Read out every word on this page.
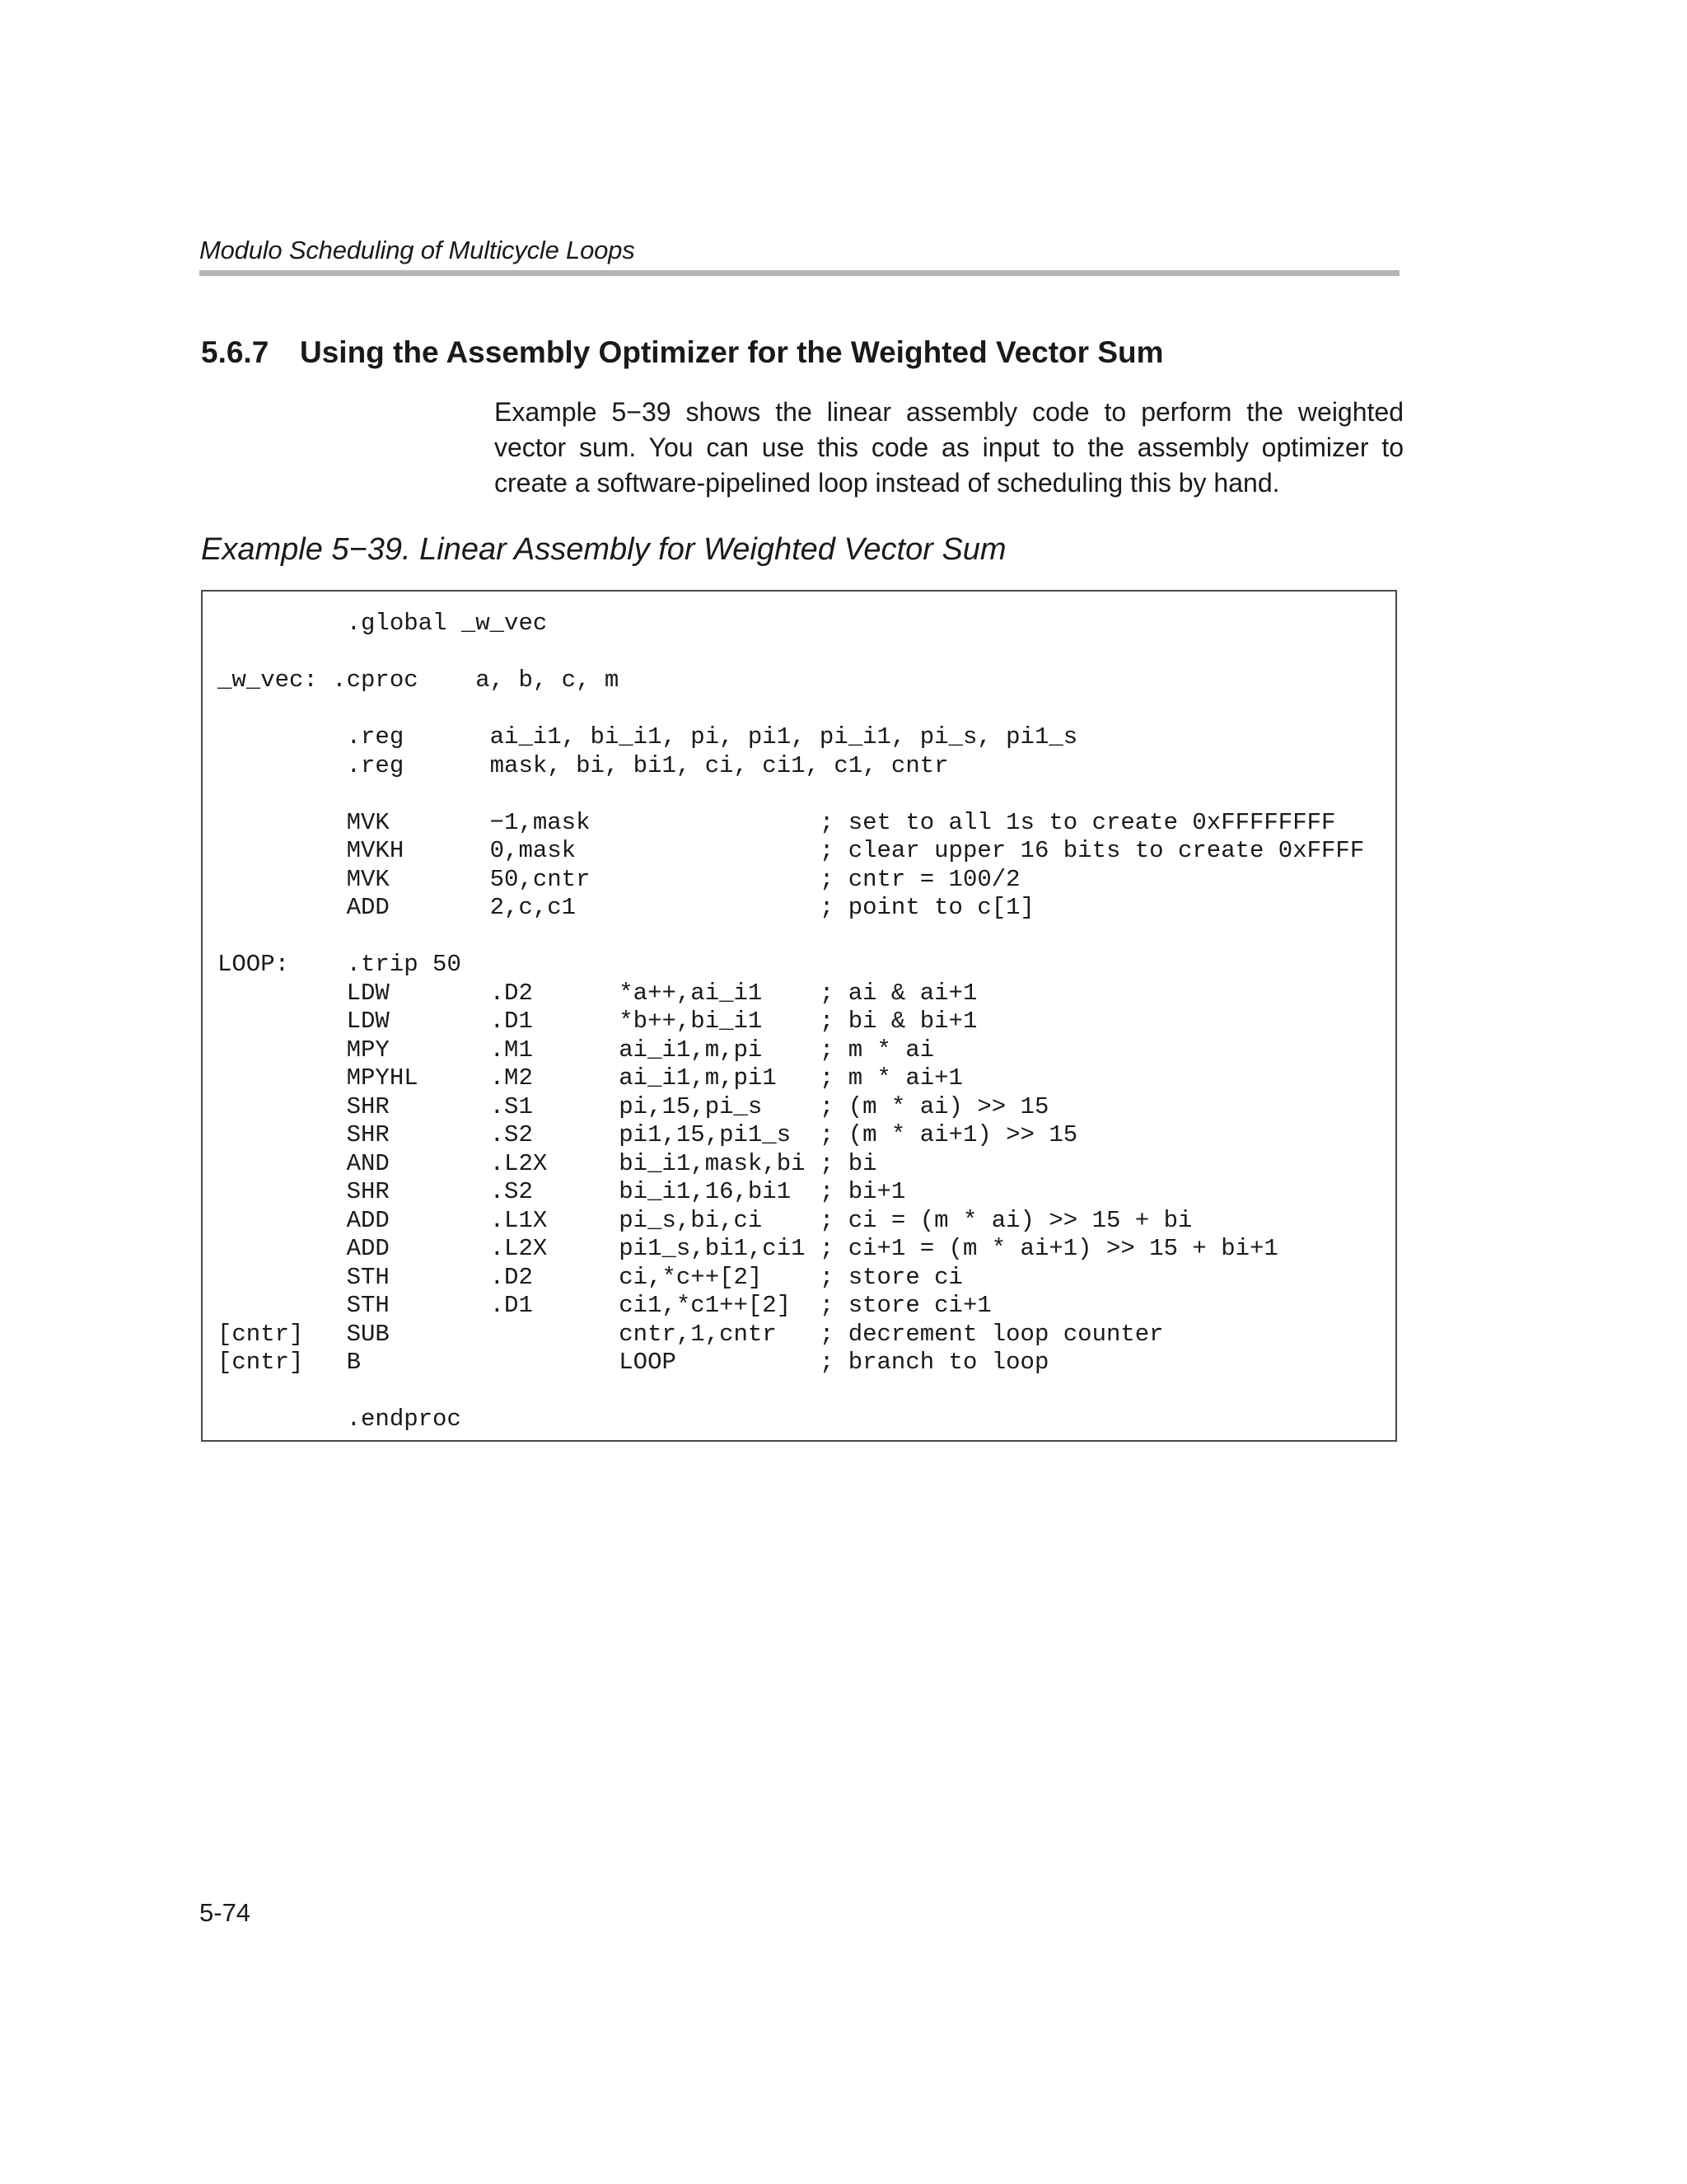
Modulo Scheduling of Multicycle Loops
5.6.7 Using the Assembly Optimizer for the Weighted Vector Sum

Example 5−39 shows the linear assembly code to perform the weighted vector sum. You can use this code as input to the assembly optimizer to create a software-pipelined loop instead of scheduling this by hand.

Example 5−39. Linear Assembly for Weighted Vector Sum
.global _w_vec

_w_vec: .cproc    a, b, c, m

.reg      ai_i1, bi_i1, pi, pi1, pi_i1, pi_s, pi1_s
.reg      mask, bi, bi1, ci, ci1, c1, cntr

MVK       −1,mask                ; set to all 1s to create 0xFFFFFFFF
MVKH      0,mask                 ; clear upper 16 bits to create 0xFFFF
MVK       50,cntr                ; cntr = 100/2
ADD       2,c,c1                 ; point to c[1]

LOOP:    .trip 50
LDW       .D2      *a++,ai_i1    ; ai & ai+1
LDW       .D1      *b++,bi_i1    ; bi & bi+1
MPY       .M1      ai_i1,m,pi    ; m * ai
MPYHL     .M2      ai_i1,m,pi1   ; m * ai+1
SHR       .S1      pi,15,pi_s    ; (m * ai) >> 15
SHR       .S2      pi1,15,pi1_s  ; (m * ai+1) >> 15
AND       .L2X     bi_i1,mask,bi ; bi
SHR       .S2      bi_i1,16,bi1  ; bi+1
ADD       .L1X     pi_s,bi,ci    ; ci = (m * ai) >> 15 + bi
ADD       .L2X     pi1_s,bi1,ci1 ; ci+1 = (m * ai+1) >> 15 + bi+1
STH       .D2      ci,*c++[2]    ; store ci
STH       .D1      ci1,*c1++[2]  ; store ci+1
[cntr]   SUB                cntr,1,cntr   ; decrement loop counter
[cntr]   B                  LOOP          ; branch to loop

.endproc
5-74
